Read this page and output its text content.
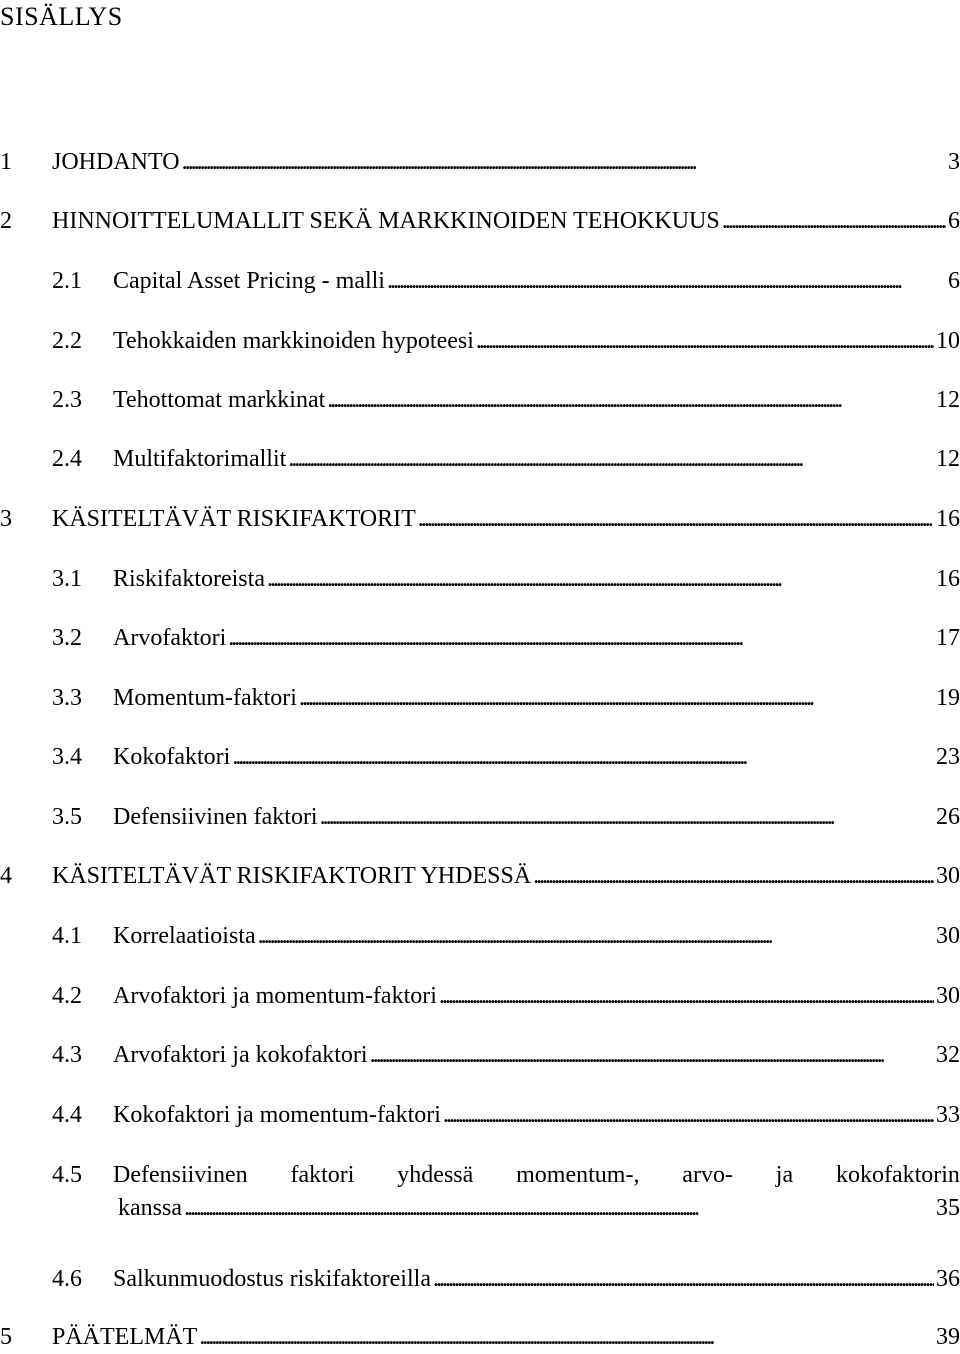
SISÄLLYS
1 JOHDANTO . . .	3
2 HINNOITTELUMALLIT SEKÄ MARKKINOIDEN TEHOKKUUS . . .	6
2.1 Capital Asset Pricing - malli . . .	6
2.2 Tehokkaiden markkinoiden hypoteesi . . .	10
2.3 Tehottomat markkinat . . .	12
2.4 Multifaktorimallit . . .	12
3 KÄSITELTÄVÄT RISKIFAKTORIT . . .	16
3.1 Riskifaktoreista . . .	16
3.2 Arvofaktori . . .	17
3.3 Momentum-faktori . . .	19
3.4 Kokofaktori . . .	23
3.5 Defensiivinen faktori . . .	26
4 KÄSITELTÄVÄT RISKIFAKTORIT YHDESSÄ . . .	30
4.1 Korrelaatioista . . .	30
4.2 Arvofaktori ja momentum-faktori . . .	30
4.3 Arvofaktori ja kokofaktori . . .	32
4.4 Kokofaktori ja momentum-faktori . . .	33
4.5 Defensiivinen faktori yhdessä momentum-, arvo- ja kokofaktorin
kanssa . . .	35
4.6 Salkunmuodostus riskifaktoreilla . . .	36
5 PÄÄTELMÄT . . .	39
